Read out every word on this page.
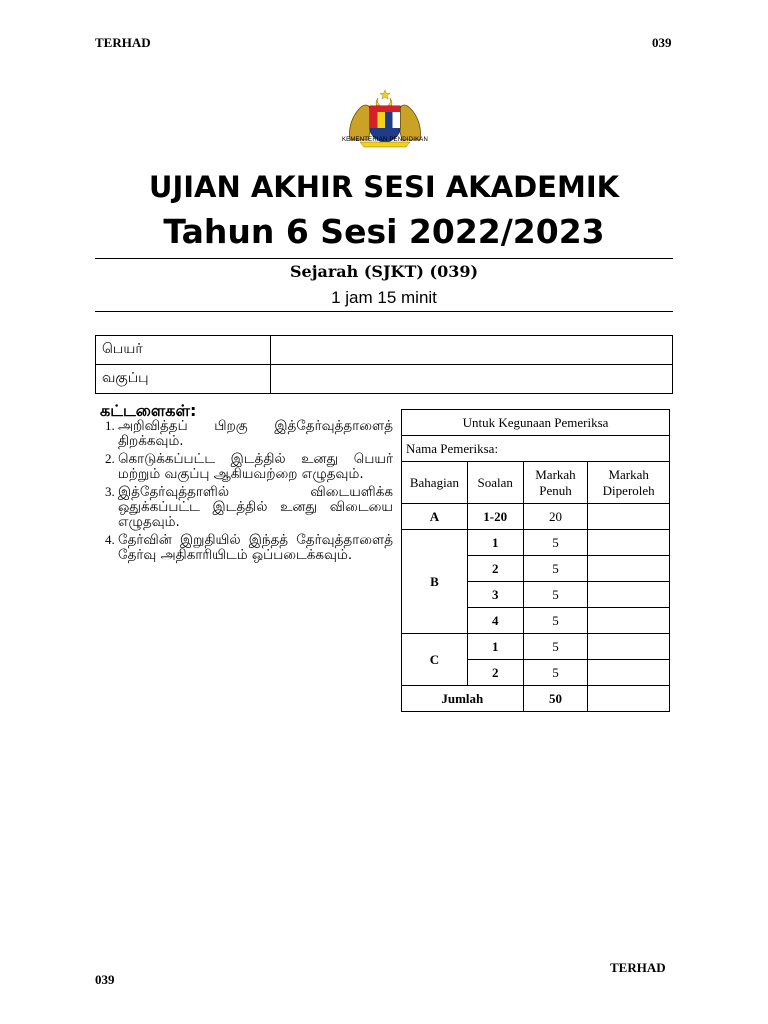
TERHAD	039
KEMENTERIAN PENDIDIKAN
UJIAN AKHIR SESI AKADEMIK
Tahun 6 Sesi 2022/2023
Sejarah (SJKT) (039)
1 jam 15 minit
பெயர்	
வகுப்பு	
கட்டளைகள்:
1. அறிவித்தப் பிறகு இத்தேர்வுத்தாளைத் திறக்கவும்.
2. கொடுக்கப்பட்ட இடத்தில் உனது பெயர் மற்றும் வகுப்பு ஆகியவற்றை எழுதவும்.
3. இத்தேர்வுத்தாளில் விடையளிக்க ஒதுக்கப்பட்ட இடத்தில் உனது விடையை எழுதவும்.
4. தேர்வின் இறுதியில் இந்தத் தேர்வுத்தாளைத் தேர்வு அதிகாரியிடம் ஒப்படைக்கவும்.
Untuk Kegunaan Pemeriksa			
Nama Pemeriksa:			
Bahagian	Soalan	Markah Penuh	Markah Diperoleh
A	1-20	20	
B	1	5	
	2	5	
	3	5	
	4	5	
C	1	5	
	2	5	
Jumlah		50	
039
TERHAD
